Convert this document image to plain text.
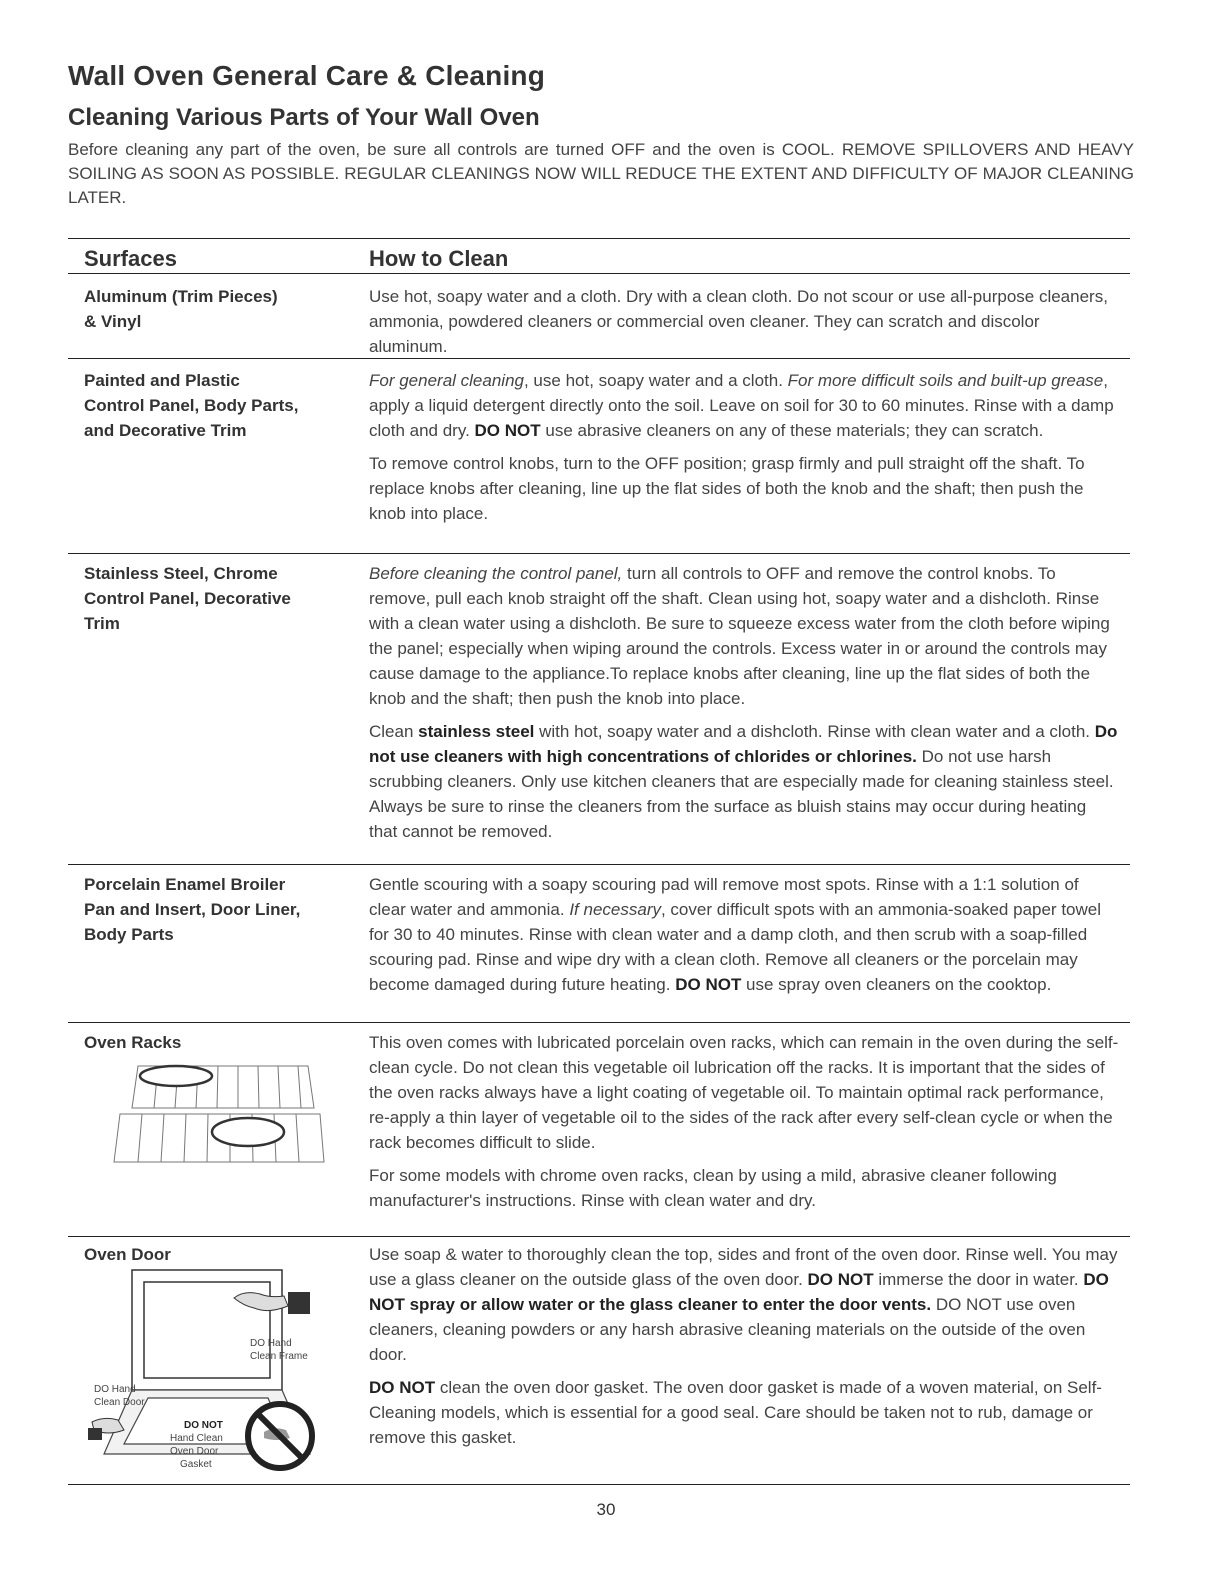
Wall Oven General Care & Cleaning
Cleaning Various Parts of Your Wall Oven

Before cleaning any part of the oven, be sure all controls are turned OFF and the oven is COOL. REMOVE SPILLOVERS AND HEAVY SOILING AS SOON AS POSSIBLE. REGULAR CLEANINGS NOW WILL REDUCE THE EXTENT AND DIFFICULTY OF MAJOR CLEANING LATER.

Surfaces	How to Clean
Aluminum (Trim Pieces)
& Vinyl

Use hot, soapy water and a cloth. Dry with a clean cloth. Do not scour or use all-purpose cleaners, ammonia, powdered cleaners or commercial oven cleaner. They can scratch and discolor aluminum.

Painted and Plastic
Control Panel, Body Parts,
and Decorative Trim

For general cleaning, use hot, soapy water and a cloth. For more difficult soils and built-up grease, apply a liquid detergent directly onto the soil. Leave on soil for 30 to 60 minutes. Rinse with a damp cloth and dry. DO NOT use abrasive cleaners on any of these materials; they can scratch.

To remove control knobs, turn to the OFF position; grasp firmly and pull straight off the shaft. To replace knobs after cleaning, line up the flat sides of both the knob and the shaft; then push the knob into place.

Stainless Steel, Chrome
Control Panel, Decorative
Trim

Before cleaning the control panel, turn all controls to OFF and remove the control knobs. To remove, pull each knob straight off the shaft. Clean using hot, soapy water and a dishcloth. Rinse with a clean water using a dishcloth. Be sure to squeeze excess water from the cloth before wiping the panel; especially when wiping around the controls. Excess water in or around the controls may cause damage to the appliance.To replace knobs after cleaning, line up the flat sides of both the knob and the shaft; then push the knob into place.

Clean stainless steel with hot, soapy water and a dishcloth. Rinse with clean water and a cloth. Do not use cleaners with high concentrations of chlorides or chlorines. Do not use harsh scrubbing cleaners. Only use kitchen cleaners that are especially made for cleaning stainless steel. Always be sure to rinse the cleaners from the surface as bluish stains may occur during heating that cannot be removed.

Porcelain Enamel Broiler
Pan and Insert, Door Liner,
Body Parts

Gentle scouring with a soapy scouring pad will remove most spots. Rinse with a 1:1 solution of clear water and ammonia. If necessary, cover difficult spots with an ammonia-soaked paper towel for 30 to 40 minutes. Rinse with clean water and a damp cloth, and then scrub with a soap-filled scouring pad. Rinse and wipe dry with a clean cloth. Remove all cleaners or the porcelain may become damaged during future heating. DO NOT use spray oven cleaners on the cooktop.

Oven Racks	This oven comes with lubricated porcelain oven racks, which can remain in the oven during the self-clean cycle. Do not clean this vegetable oil lubrication off the racks. It is important that the sides of the oven racks always have a light coating of vegetable oil. To maintain optimal rack performance, re-apply a thin layer of vegetable oil to the sides of the rack after every self-clean cycle or when the rack becomes difficult to slide.

For some models with chrome oven racks, clean by using a mild, abrasive cleaner following manufacturer's instructions. Rinse with clean water and dry.

Oven Door
DO Hand
Clean Frame
DO Hand
Clean Door
DO NOT
Hand Clean
Oven Door
Gasket

Use soap & water to thoroughly clean the top, sides and front of the oven door. Rinse well. You may use a glass cleaner on the outside glass of the oven door. DO NOT immerse the door in water. DO NOT spray or allow water or the glass cleaner to enter the door vents. DO NOT use oven cleaners, cleaning powders or any harsh abrasive cleaning materials on the outside of the oven door.

DO NOT clean the oven door gasket. The oven door gasket is made of a woven material, on Self-Cleaning models, which is essential for a good seal. Care should be taken not to rub, damage or remove this gasket.

30
